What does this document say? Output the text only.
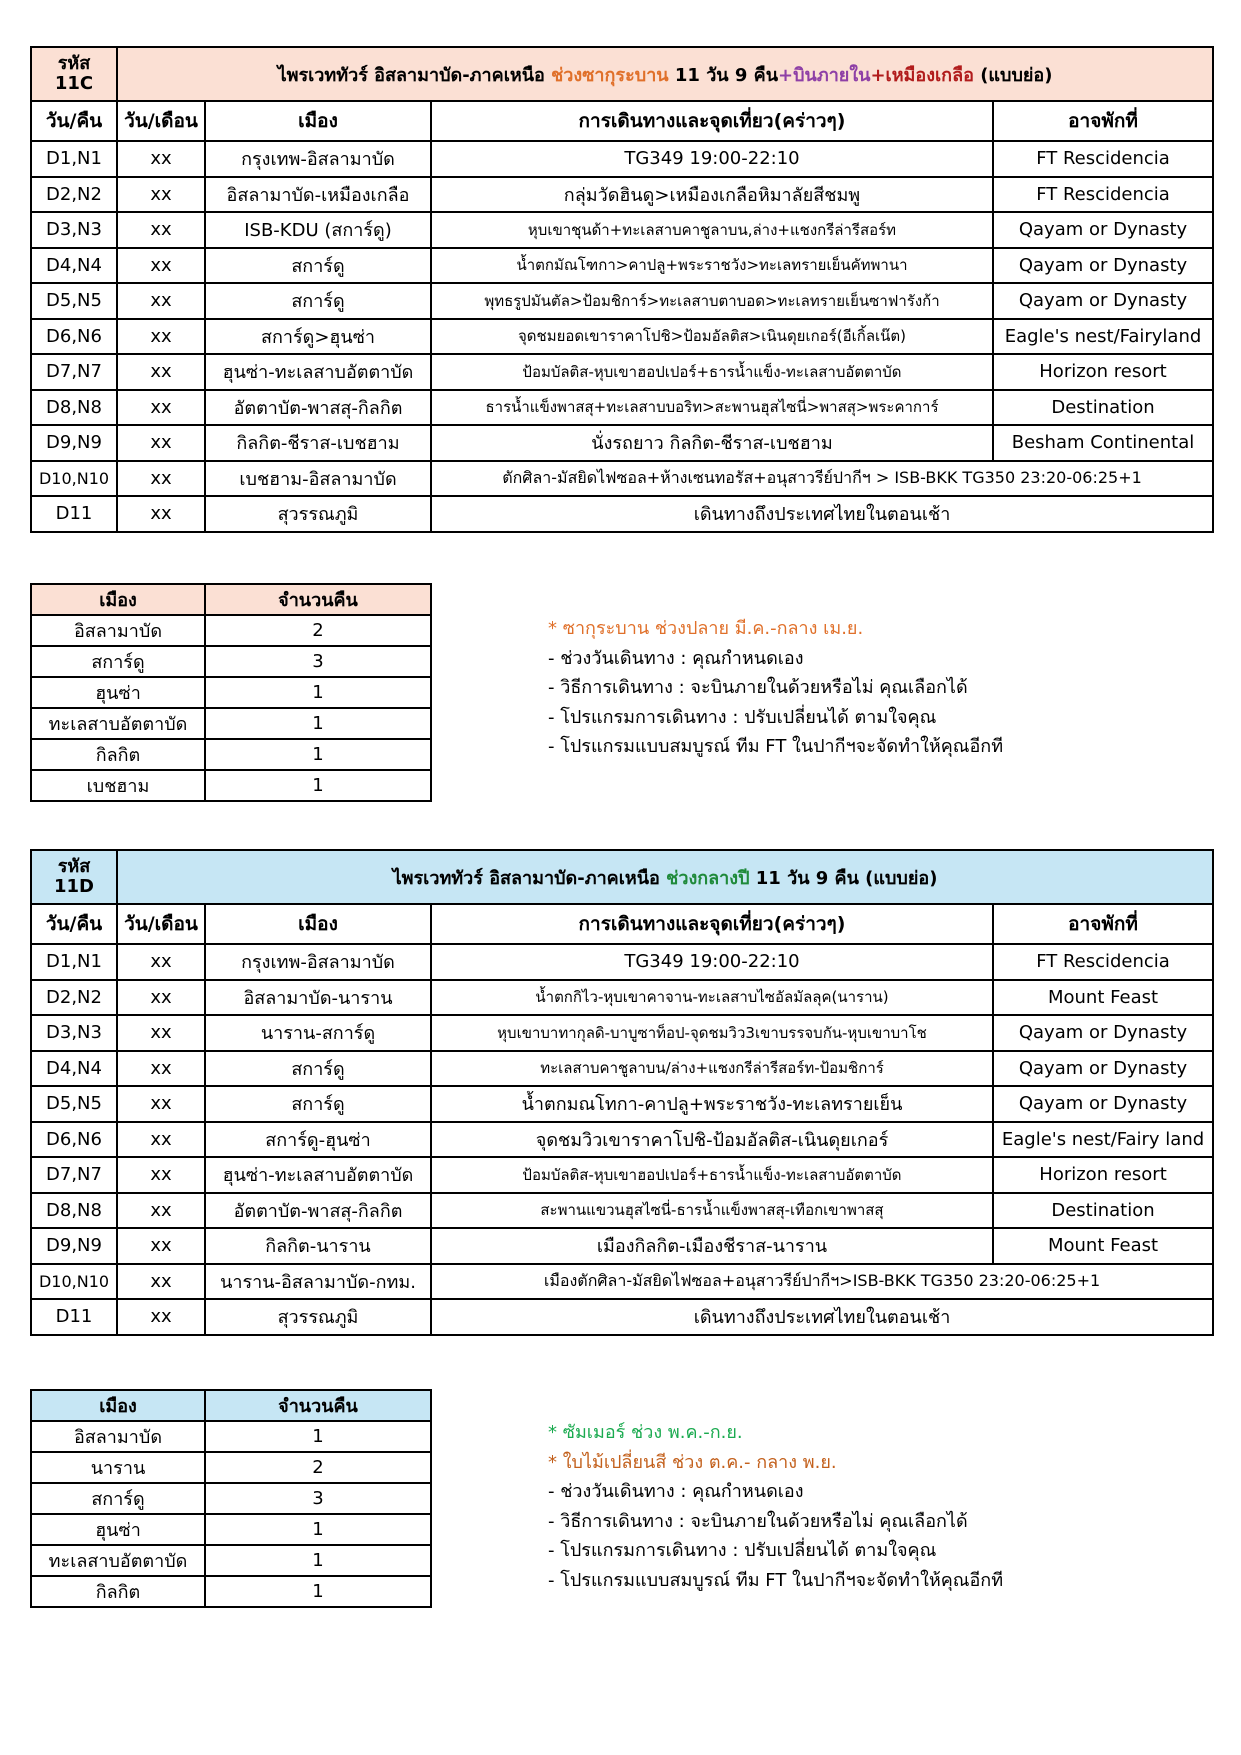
รหัส
11C	ไพรเวททัวร์ อิสลามาบัด-ภาคเหนือ ช่วงซากุระบาน 11 วัน 9 คืน+บินภายใน+เหมืองเกลือ (แบบย่อ)			
วัน/คืน	วัน/เดือน	เมือง	การเดินทางและจุดเที่ยว(คร่าวๆ)	อาจพักที่
D1,N1	xx	กรุงเทพ-อิสลามาบัด	TG349 19:00-22:10	FT Rescidencia
D2,N2	xx	อิสลามาบัด-เหมืองเกลือ	กลุ่มวัดฮินดู>เหมืองเกลือหิมาลัยสีชมพู	FT Rescidencia
D3,N3	xx	ISB-KDU (สการ์ดู)	หุบเขาชุนด้า+ทะเลสาบคาชูลาบน,ล่าง+แชงกรีล่ารีสอร์ท	Qayam or Dynasty
D4,N4	xx	สการ์ดู	น้ำตกมัณโฑกา>คาปลู+พระราชวัง>ทะเลทรายเย็นคัทพานา	Qayam or Dynasty
D5,N5	xx	สการ์ดู	พุทธรูปมันตัล>ป้อมชิการ์>ทะเลสาบตาบอด>ทะเลทรายเย็นซาฟารังก้า	Qayam or Dynasty
D6,N6	xx	สการ์ดู>ฮุนซ่า	จุดชมยอดเขาราคาโปชิ>ป้อมอัลติส>เนินดุยเกอร์(อีเกิ้ลเน๊ต)	Eagle's nest/Fairyland
D7,N7	xx	ฮุนซ่า-ทะเลสาบอัตตาบัด	ป้อมบัลติส-หุบเขาฮอปเปอร์+ธารน้ำแข็ง-ทะเลสาบอัตตาบัด	Horizon resort
D8,N8	xx	อัตตาบัต-พาสสุ-กิลกิต	ธารน้ำแข็งพาสสุ+ทะเลสาบบอริท>สะพานฮุสไซนี่>พาสสุ>พระคาการ์	Destination
D9,N9	xx	กิลกิต-ชีราส-เบชฮาม	นั่งรถยาว กิลกิต-ชีราส-เบชฮาม	Besham Continental
D10,N10	xx	เบชฮาม-อิสลามาบัด	ตักศิลา-มัสยิดไฟซอล+ห้างเซนทอรัส+อนุสาวรีย์ปากีฯ > ISB-BKK TG350 23:20-06:25+1	
D11	xx	สุวรรณภูมิ	เดินทางถึงประเทศไทยในตอนเช้า	
เมือง	จำนวนคืน
อิสลามาบัด	2
สการ์ดู	3
ฮุนซ่า	1
ทะเลสาบอัตตาบัด	1
กิลกิต	1
เบชฮาม	1
* ซากุระบาน ช่วงปลาย มี.ค.-กลาง เม.ย.
- ช่วงวันเดินทาง : คุณกำหนดเอง
- วิธีการเดินทาง : จะบินภายในด้วยหรือไม่ คุณเลือกได้
- โปรแกรมการเดินทาง : ปรับเปลี่ยนได้ ตามใจคุณ
- โปรแกรมแบบสมบูรณ์ ทีม FT ในปากีฯจะจัดทำให้คุณอีกที
รหัส
11D	ไพรเวททัวร์ อิสลามาบัด-ภาคเหนือ ช่วงกลางปี 11 วัน 9 คืน (แบบย่อ)			
วัน/คืน	วัน/เดือน	เมือง	การเดินทางและจุดเที่ยว(คร่าวๆ)	อาจพักที่
D1,N1	xx	กรุงเทพ-อิสลามาบัด	TG349 19:00-22:10	FT Rescidencia
D2,N2	xx	อิสลามาบัด-นาราน	น้ำตกกิไว-หุบเขาคาจาน-ทะเลสาบไซอัลมัลลุค(นาราน)	Mount Feast
D3,N3	xx	นาราน-สการ์ดู	หุบเขาบาทากุลดิ-บาบูซาท็อป-จุดชมวิว3เขาบรรจบกัน-หุบเขาบาโช	Qayam or Dynasty
D4,N4	xx	สการ์ดู	ทะเลสาบคาชูลาบน/ล่าง+แชงกรีล่ารีสอร์ท-ป้อมชิการ์	Qayam or Dynasty
D5,N5	xx	สการ์ดู	น้ำตกมณโทกา-คาปลู+พระราชวัง-ทะเลทรายเย็น	Qayam or Dynasty
D6,N6	xx	สการ์ดู-ฮุนซ่า	จุดชมวิวเขาราคาโปชิ-ป้อมอัลติส-เนินดุยเกอร์	Eagle's nest/Fairy land
D7,N7	xx	ฮุนซ่า-ทะเลสาบอัตตาบัด	ป้อมบัลติส-หุบเขาฮอปเปอร์+ธารน้ำแข็ง-ทะเลสาบอัตตาบัด	Horizon resort
D8,N8	xx	อัตตาบัต-พาสสุ-กิลกิต	สะพานแขวนฮุสไซนี่-ธารน้ำแข็งพาสสุ-เทือกเขาพาสสุ	Destination
D9,N9	xx	กิลกิต-นาราน	เมืองกิลกิต-เมืองชีราส-นาราน	Mount Feast
D10,N10	xx	นาราน-อิสลามาบัด-กทม.	เมืองตักศิลา-มัสยิดไฟซอล+อนุสาวรีย์ปากีฯ>ISB-BKK TG350 23:20-06:25+1	
D11	xx	สุวรรณภูมิ	เดินทางถึงประเทศไทยในตอนเช้า	
เมือง	จำนวนคืน
อิสลามาบัด	1
นาราน	2
สการ์ดู	3
ฮุนซ่า	1
ทะเลสาบอัตตาบัด	1
กิลกิต	1
* ซัมเมอร์ ช่วง พ.ค.-ก.ย.
* ใบไม้เปลี่ยนสี ช่วง ต.ค.- กลาง พ.ย.
- ช่วงวันเดินทาง : คุณกำหนดเอง
- วิธีการเดินทาง : จะบินภายในด้วยหรือไม่ คุณเลือกได้
- โปรแกรมการเดินทาง : ปรับเปลี่ยนได้ ตามใจคุณ
- โปรแกรมแบบสมบูรณ์ ทีม FT ในปากีฯจะจัดทำให้คุณอีกที
